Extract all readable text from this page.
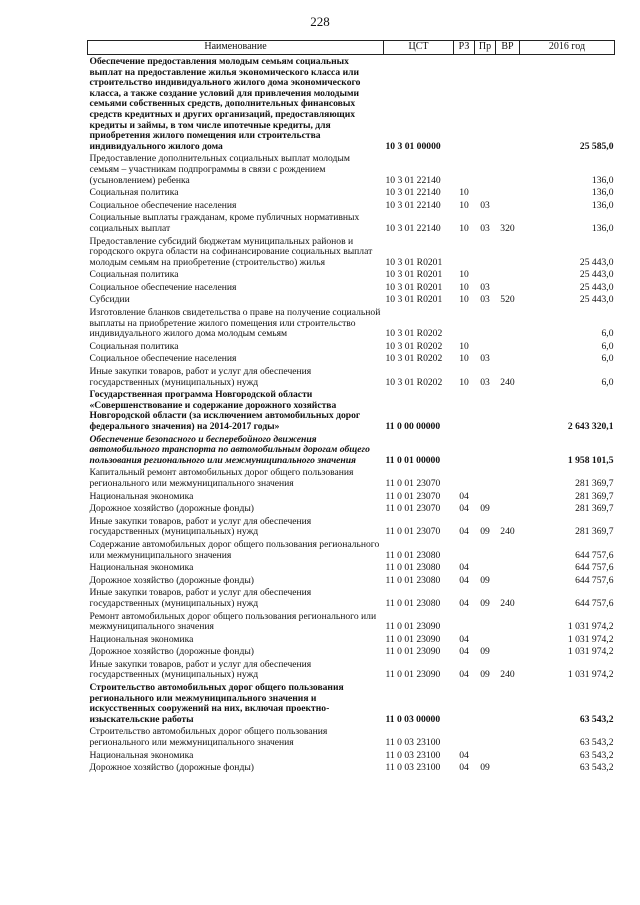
228
Наименование	ЦСТ	РЗ	Пр	ВР	2016 год
Обеспечение предоставления молодым семьям социальных выплат на предоставление жилья экономического класса или строительство индивидуального жилого дома экономического класса, а также создание условий для привлечения молодыми семьями собственных средств, дополнительных финансовых средств кредитных и других организаций, предоставляющих кредиты и займы, в том числе ипотечные кредиты, для приобретения жилого помещения или строительства индивидуального жилого дома	10 3 01 00000				25 585,0
Предоставление дополнительных социальных выплат молодым семьям – участникам подпрограммы в связи с рождением (усыновлением) ребенка	10 3 01 22140				136,0
Социальная политика	10 3 01 22140	10			136,0
Социальное обеспечение населения	10 3 01 22140	10	03		136,0
Социальные выплаты гражданам, кроме публичных нормативных социальных выплат	10 3 01 22140	10	03	320	136,0
Предоставление субсидий бюджетам муниципальных районов и городского округа области на софинансирование социальных выплат молодым семьям на приобретение (строительство) жилья	10 3 01 R0201				25 443,0
Социальная политика	10 3 01 R0201	10			25 443,0
Социальное обеспечение населения	10 3 01 R0201	10	03		25 443,0
Субсидии	10 3 01 R0201	10	03	520	25 443,0
Изготовление бланков свидетельства о праве на получение социальной выплаты на приобретение жилого помещения или строительство индивидуального жилого дома молодым семьям	10 3 01 R0202				6,0
Социальная политика	10 3 01 R0202	10			6,0
Социальное обеспечение населения	10 3 01 R0202	10	03		6,0
Иные закупки товаров, работ и услуг для обеспечения государственных (муниципальных) нужд	10 3 01 R0202	10	03	240	6,0
Государственная программа Новгородской области «Совершенствование и содержание дорожного хозяйства Новгородской области (за исключением автомобильных дорог федерального значения) на 2014-2017 годы»	11 0 00 00000				2 643 320,1
Обеспечение безопасного и бесперебойного движения автомобильного транспорта по автомобильным дорогам общего пользования регионального или межмуниципального значения	11 0 01 00000				1 958 101,5
Капитальный ремонт автомобильных дорог общего пользования регионального или межмуниципального значения	11 0 01 23070				281 369,7
Национальная экономика	11 0 01 23070	04			281 369,7
Дорожное хозяйство (дорожные фонды)	11 0 01 23070	04	09		281 369,7
Иные закупки товаров, работ и услуг для обеспечения государственных (муниципальных) нужд	11 0 01 23070	04	09	240	281 369,7
Содержание автомобильных дорог общего пользования регионального или межмуниципального значения	11 0 01 23080				644 757,6
Национальная экономика	11 0 01 23080	04			644 757,6
Дорожное хозяйство (дорожные фонды)	11 0 01 23080	04	09		644 757,6
Иные закупки товаров, работ и услуг для обеспечения государственных (муниципальных) нужд	11 0 01 23080	04	09	240	644 757,6
Ремонт автомобильных дорог общего пользования регионального или межмуниципального значения	11 0 01 23090				1 031 974,2
Национальная экономика	11 0 01 23090	04			1 031 974,2
Дорожное хозяйство (дорожные фонды)	11 0 01 23090	04	09		1 031 974,2
Иные закупки товаров, работ и услуг для обеспечения государственных (муниципальных) нужд	11 0 01 23090	04	09	240	1 031 974,2
Строительство автомобильных дорог общего пользования регионального или межмуниципального значения и искусственных сооружений на них, включая проектно-изыскательские работы	11 0 03 00000				63 543,2
Строительство автомобильных дорог общего пользования регионального или межмуниципального значения	11 0 03 23100				63 543,2
Национальная экономика	11 0 03 23100	04			63 543,2
Дорожное хозяйство (дорожные фонды)	11 0 03 23100	04	09		63 543,2
